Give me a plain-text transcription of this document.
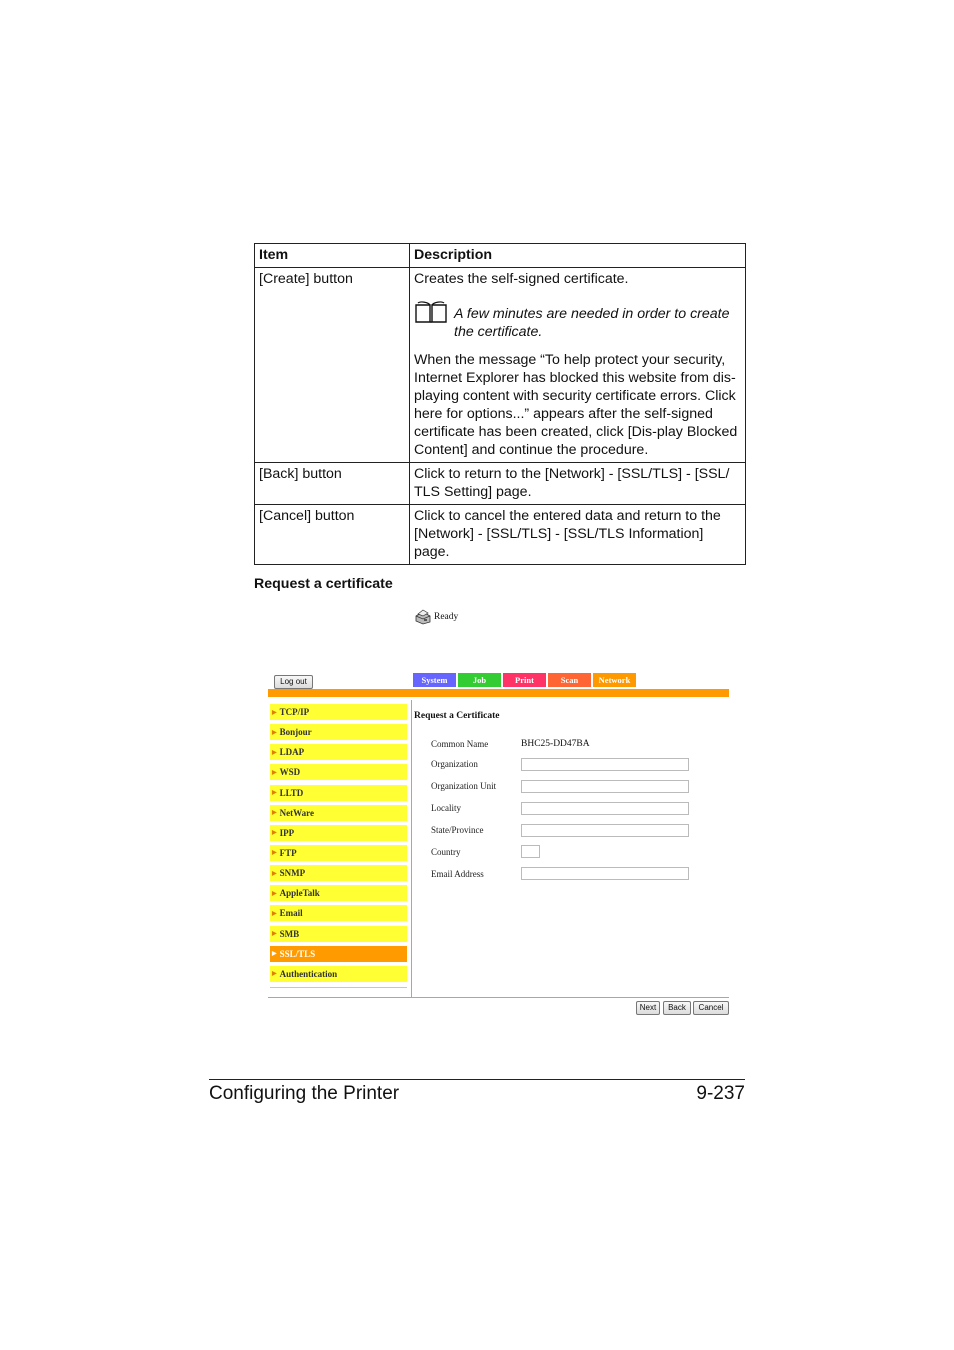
Item	Description
[Create] button	Creates the self-signed certificate.
A few minutes are needed in order to create the certificate.
When the message “To help protect your security, Internet Explorer has blocked this website from dis-playing content with security certificate errors. Click here for options...” appears after the self-signed certificate has been created, click [Dis-play Blocked Content] and continue the procedure.

[Back] button	Click to return to the [Network] - [SSL/TLS] - [SSL/ TLS Setting] page.
[Cancel] button	Click to cancel the entered data and return to the [Network] - [SSL/TLS] - [SSL/TLS Information] page.
Request a certificate
Ready
Log out	System	Job	Print	Scan	Network
▶ TCP/IP
▶ Bonjour
▶ LDAP
▶ WSD
▶ LLTD
▶ NetWare
▶ IPP
▶ FTP
▶ SNMP
▶ AppleTalk
▶ Email
▶ SMB
▶ SSL/TLS
▶ Authentication
Request a Certificate
Common Name	BHC25-DD47BA
Organization
Organization Unit
Locality
State/Province
Country
Email Address
Next	Back	Cancel
Configuring the Printer	9-237
